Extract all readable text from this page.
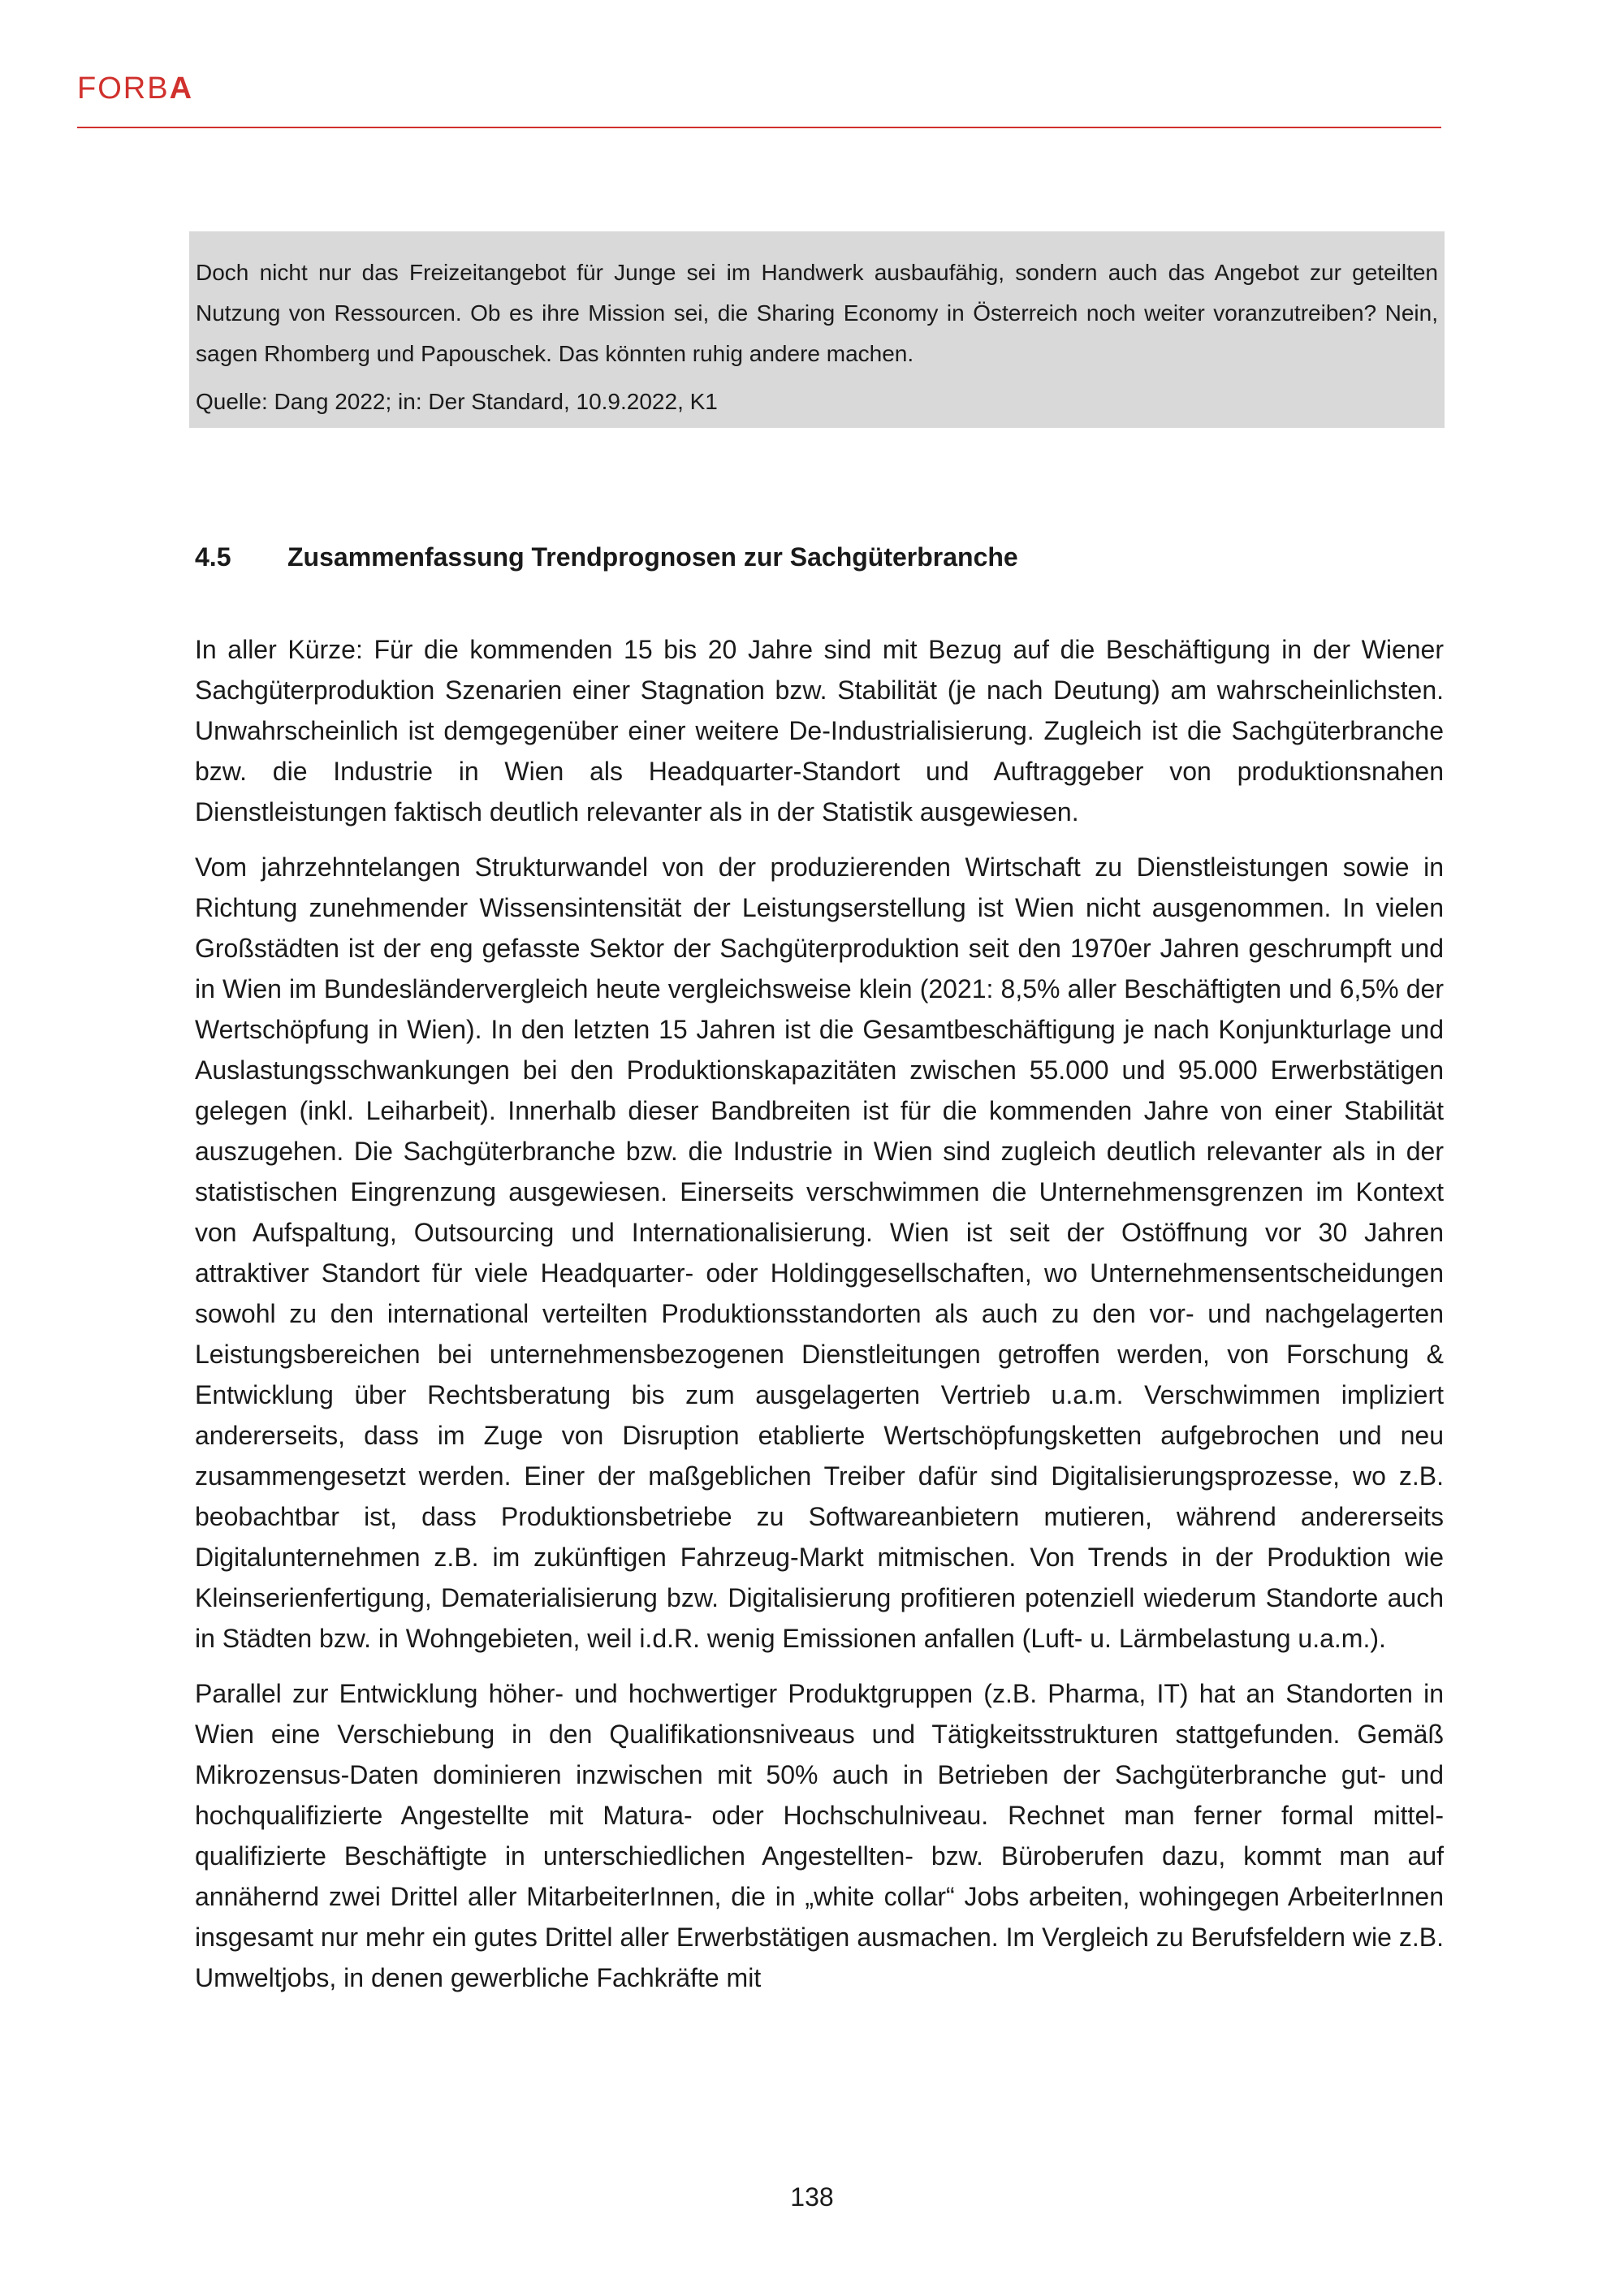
FORBA

Doch nicht nur das Freizeitangebot für Junge sei im Handwerk ausbaufähig, sondern auch das Angebot zur geteilten Nutzung von Ressourcen. Ob es ihre Mission sei, die Sharing Economy in Österreich noch weiter voranzutreiben? Nein, sagen Rhomberg und Papouschek. Das könnten ruhig andere machen.

Quelle: Dang 2022; in: Der Standard, 10.9.2022, K1

4.5 Zusammenfassung Trendprognosen zur Sachgüterbranche

In aller Kürze: Für die kommenden 15 bis 20 Jahre sind mit Bezug auf die Beschäftigung in der Wiener Sachgüterproduktion Szenarien einer Stagnation bzw. Stabilität (je nach Deutung) am wahrscheinlichsten. Unwahrscheinlich ist demgegenüber einer weitere De-Industrialisierung. Zugleich ist die Sachgüterbranche bzw. die Industrie in Wien als Headquarter-Standort und Auftraggeber von produktionsnahen Dienstleistungen faktisch deutlich relevanter als in der Statistik ausgewiesen.

Vom jahrzehntelangen Strukturwandel von der produzierenden Wirtschaft zu Dienstleistungen sowie in Richtung zunehmender Wissensintensität der Leistungserstellung ist Wien nicht ausgenommen. In vielen Großstädten ist der eng gefasste Sektor der Sachgüterproduktion seit den 1970er Jahren geschrumpft und in Wien im Bundesländervergleich heute vergleichsweise klein (2021: 8,5% aller Beschäftigten und 6,5% der Wertschöpfung in Wien). In den letzten 15 Jahren ist die Gesamtbeschäftigung je nach Konjunkturlage und Auslastungsschwankungen bei den Produktionskapazitäten zwischen 55.000 und 95.000 Erwerbstätigen gelegen (inkl. Leiharbeit). Innerhalb dieser Bandbreiten ist für die kommenden Jahre von einer Stabilität auszugehen. Die Sachgüterbranche bzw. die Industrie in Wien sind zugleich deutlich relevanter als in der statistischen Eingrenzung ausgewiesen. Einerseits verschwimmen die Unternehmensgrenzen im Kontext von Aufspaltung, Outsourcing und Internationalisierung. Wien ist seit der Ostöffnung vor 30 Jahren attraktiver Standort für viele Headquarter- oder Holdinggesellschaften, wo Unternehmensentscheidungen sowohl zu den international verteilten Produktionsstandorten als auch zu den vor- und nachgelagerten Leistungsbereichen bei unternehmensbezogenen Dienstleitungen getroffen werden, von Forschung & Entwicklung über Rechtsberatung bis zum ausgelagerten Vertrieb u.a.m. Verschwimmen impliziert andererseits, dass im Zuge von Disruption etablierte Wertschöpfungsketten aufgebrochen und neu zusammengesetzt werden. Einer der maßgeblichen Treiber dafür sind Digitalisierungsprozesse, wo z.B. beobachtbar ist, dass Produktionsbetriebe zu Softwareanbietern mutieren, während andererseits Digitalunternehmen z.B. im zukünftigen Fahrzeug-Markt mitmischen. Von Trends in der Produktion wie Kleinserienfertigung, Dematerialisierung bzw. Digitalisierung profitieren potenziell wiederum Standorte auch in Städten bzw. in Wohngebieten, weil i.d.R. wenig Emissionen anfallen (Luft- u. Lärmbelastung u.a.m.).

Parallel zur Entwicklung höher- und hochwertiger Produktgruppen (z.B. Pharma, IT) hat an Standorten in Wien eine Verschiebung in den Qualifikationsniveaus und Tätigkeitsstrukturen stattgefunden. Gemäß Mikrozensus-Daten dominieren inzwischen mit 50% auch in Betrieben der Sachgüterbranche gut- und hochqualifizierte Angestellte mit Matura- oder Hochschulniveau. Rechnet man ferner formal mittel-qualifizierte Beschäftigte in unterschiedlichen Angestellten- bzw. Büroberufen dazu, kommt man auf annähernd zwei Drittel aller MitarbeiterInnen, die in „white collar“ Jobs arbeiten, wohingegen ArbeiterInnen insgesamt nur mehr ein gutes Drittel aller Erwerbstätigen ausmachen. Im Vergleich zu Berufsfeldern wie z.B. Umweltjobs, in denen gewerbliche Fachkräfte mit

138
